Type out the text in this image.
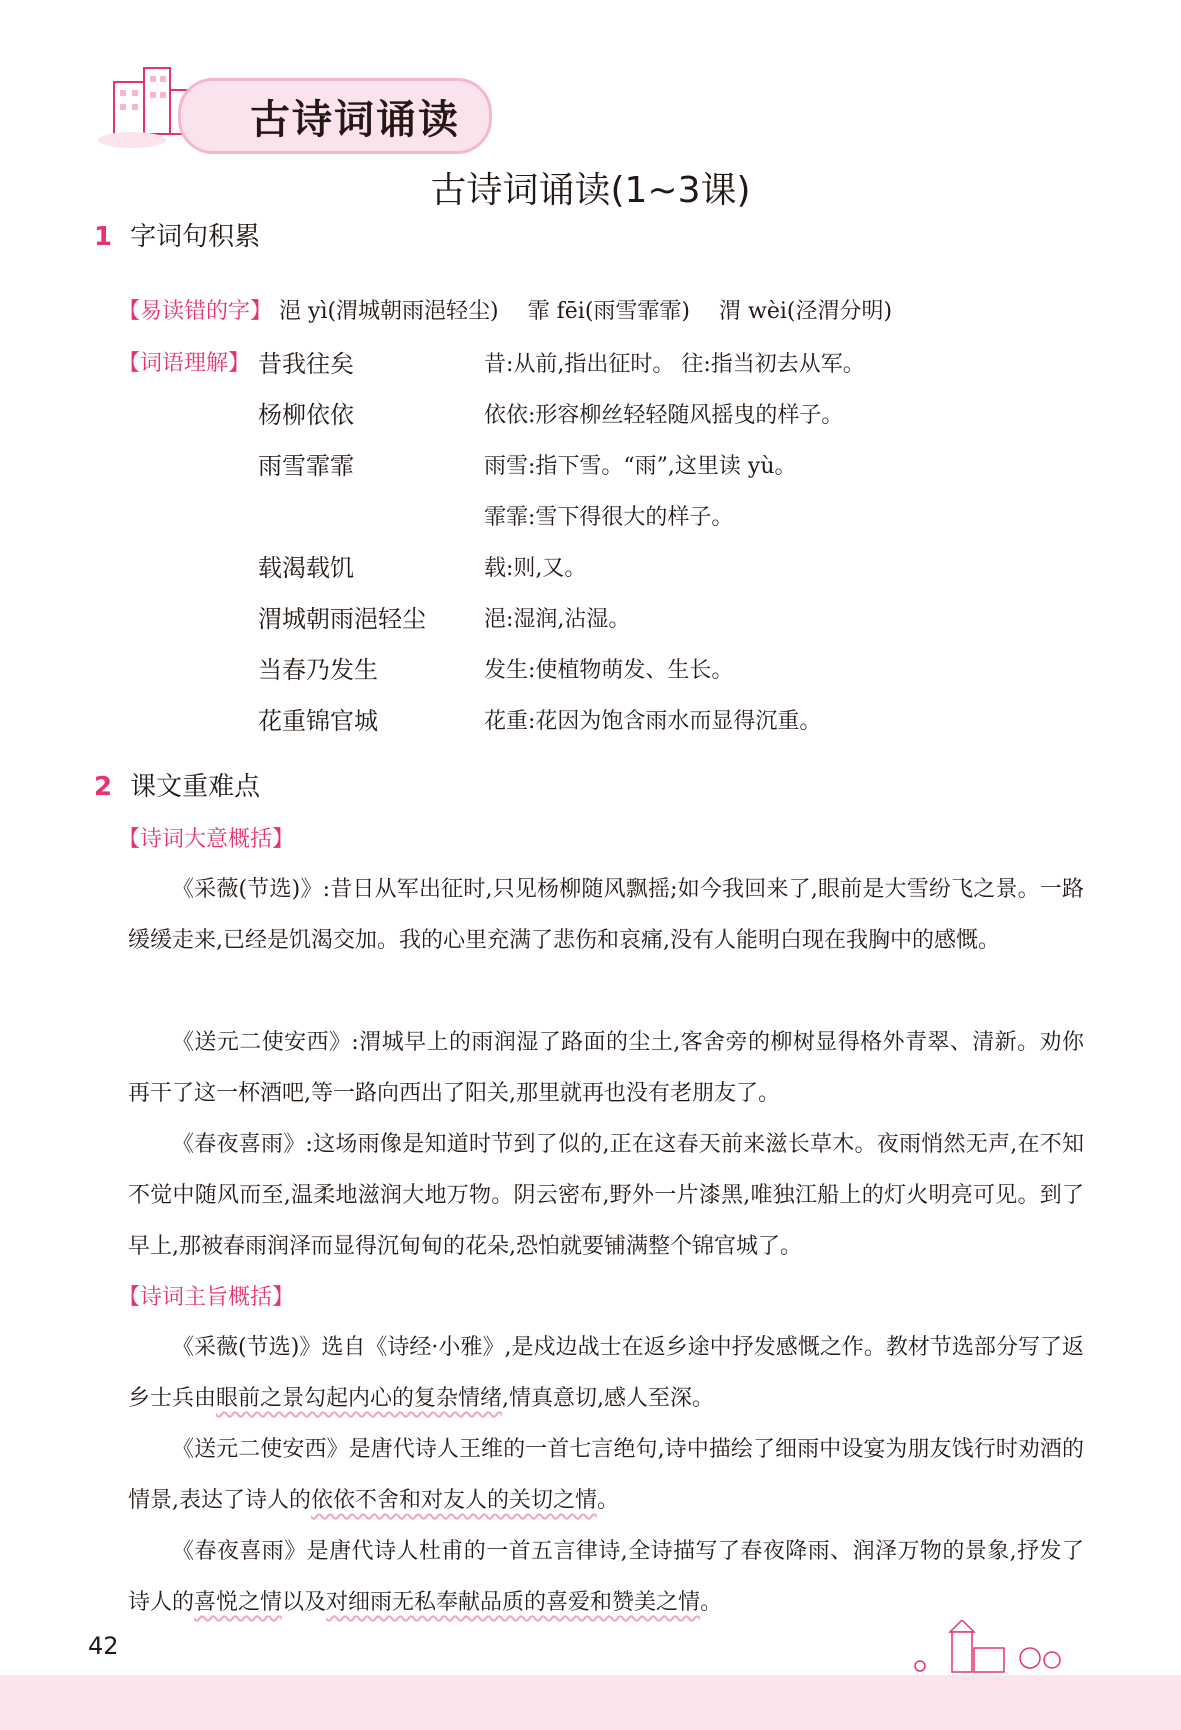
古诗词诵读
古诗词诵读(1~3课)
1 字词句积累
【易读错的字】 浥 yì(渭城朝雨浥轻尘) 霏 fēi(雨雪霏霏) 渭 wèi(泾渭分明)
【词语理解】 昔我往矣	昔:从前,指出征时。 往:指当初去从军。
杨柳依依	依依:形容柳丝轻轻随风摇曳的样子。
雨雪霏霏	雨雪:指下雪。“雨”,这里读 yù。
霏霏:雪下得很大的样子。
载渴载饥	载:则,又。
渭城朝雨浥轻尘	浥:湿润,沾湿。
当春乃发生	发生:使植物萌发、生长。
花重锦官城	花重:花因为饱含雨水而显得沉重。
2 课文重难点
【诗词大意概括】
《采薇(节选)》:昔日从军出征时,只见杨柳随风飘摇;如今我回来了,眼前是大雪纷飞之景。一路缓缓走来,已经是饥渴交加。我的心里充满了悲伤和哀痛,没有人能明白现在我胸中的感慨。
《送元二使安西》:渭城早上的雨润湿了路面的尘土,客舍旁的柳树显得格外青翠、清新。劝你再干了这一杯酒吧,等一路向西出了阳关,那里就再也没有老朋友了。
《春夜喜雨》:这场雨像是知道时节到了似的,正在这春天前来滋长草木。夜雨悄然无声,在不知不觉中随风而至,温柔地滋润大地万物。阴云密布,野外一片漆黑,唯独江船上的灯火明亮可见。到了早上,那被春雨润泽而显得沉甸甸的花朵,恐怕就要铺满整个锦官城了。
【诗词主旨概括】
《采薇(节选)》选自《诗经·小雅》,是戍边战士在返乡途中抒发感慨之作。教材节选部分写了返乡士兵由眼前之景勾起内心的复杂情绪,情真意切,感人至深。
《送元二使安西》是唐代诗人王维的一首七言绝句,诗中描绘了细雨中设宴为朋友饯行时劝酒的情景,表达了诗人的依依不舍和对友人的关切之情。
《春夜喜雨》是唐代诗人杜甫的一首五言律诗,全诗描写了春夜降雨、润泽万物的景象,抒发了诗人的喜悦之情以及对细雨无私奉献品质的喜爱和赞美之情。
42
